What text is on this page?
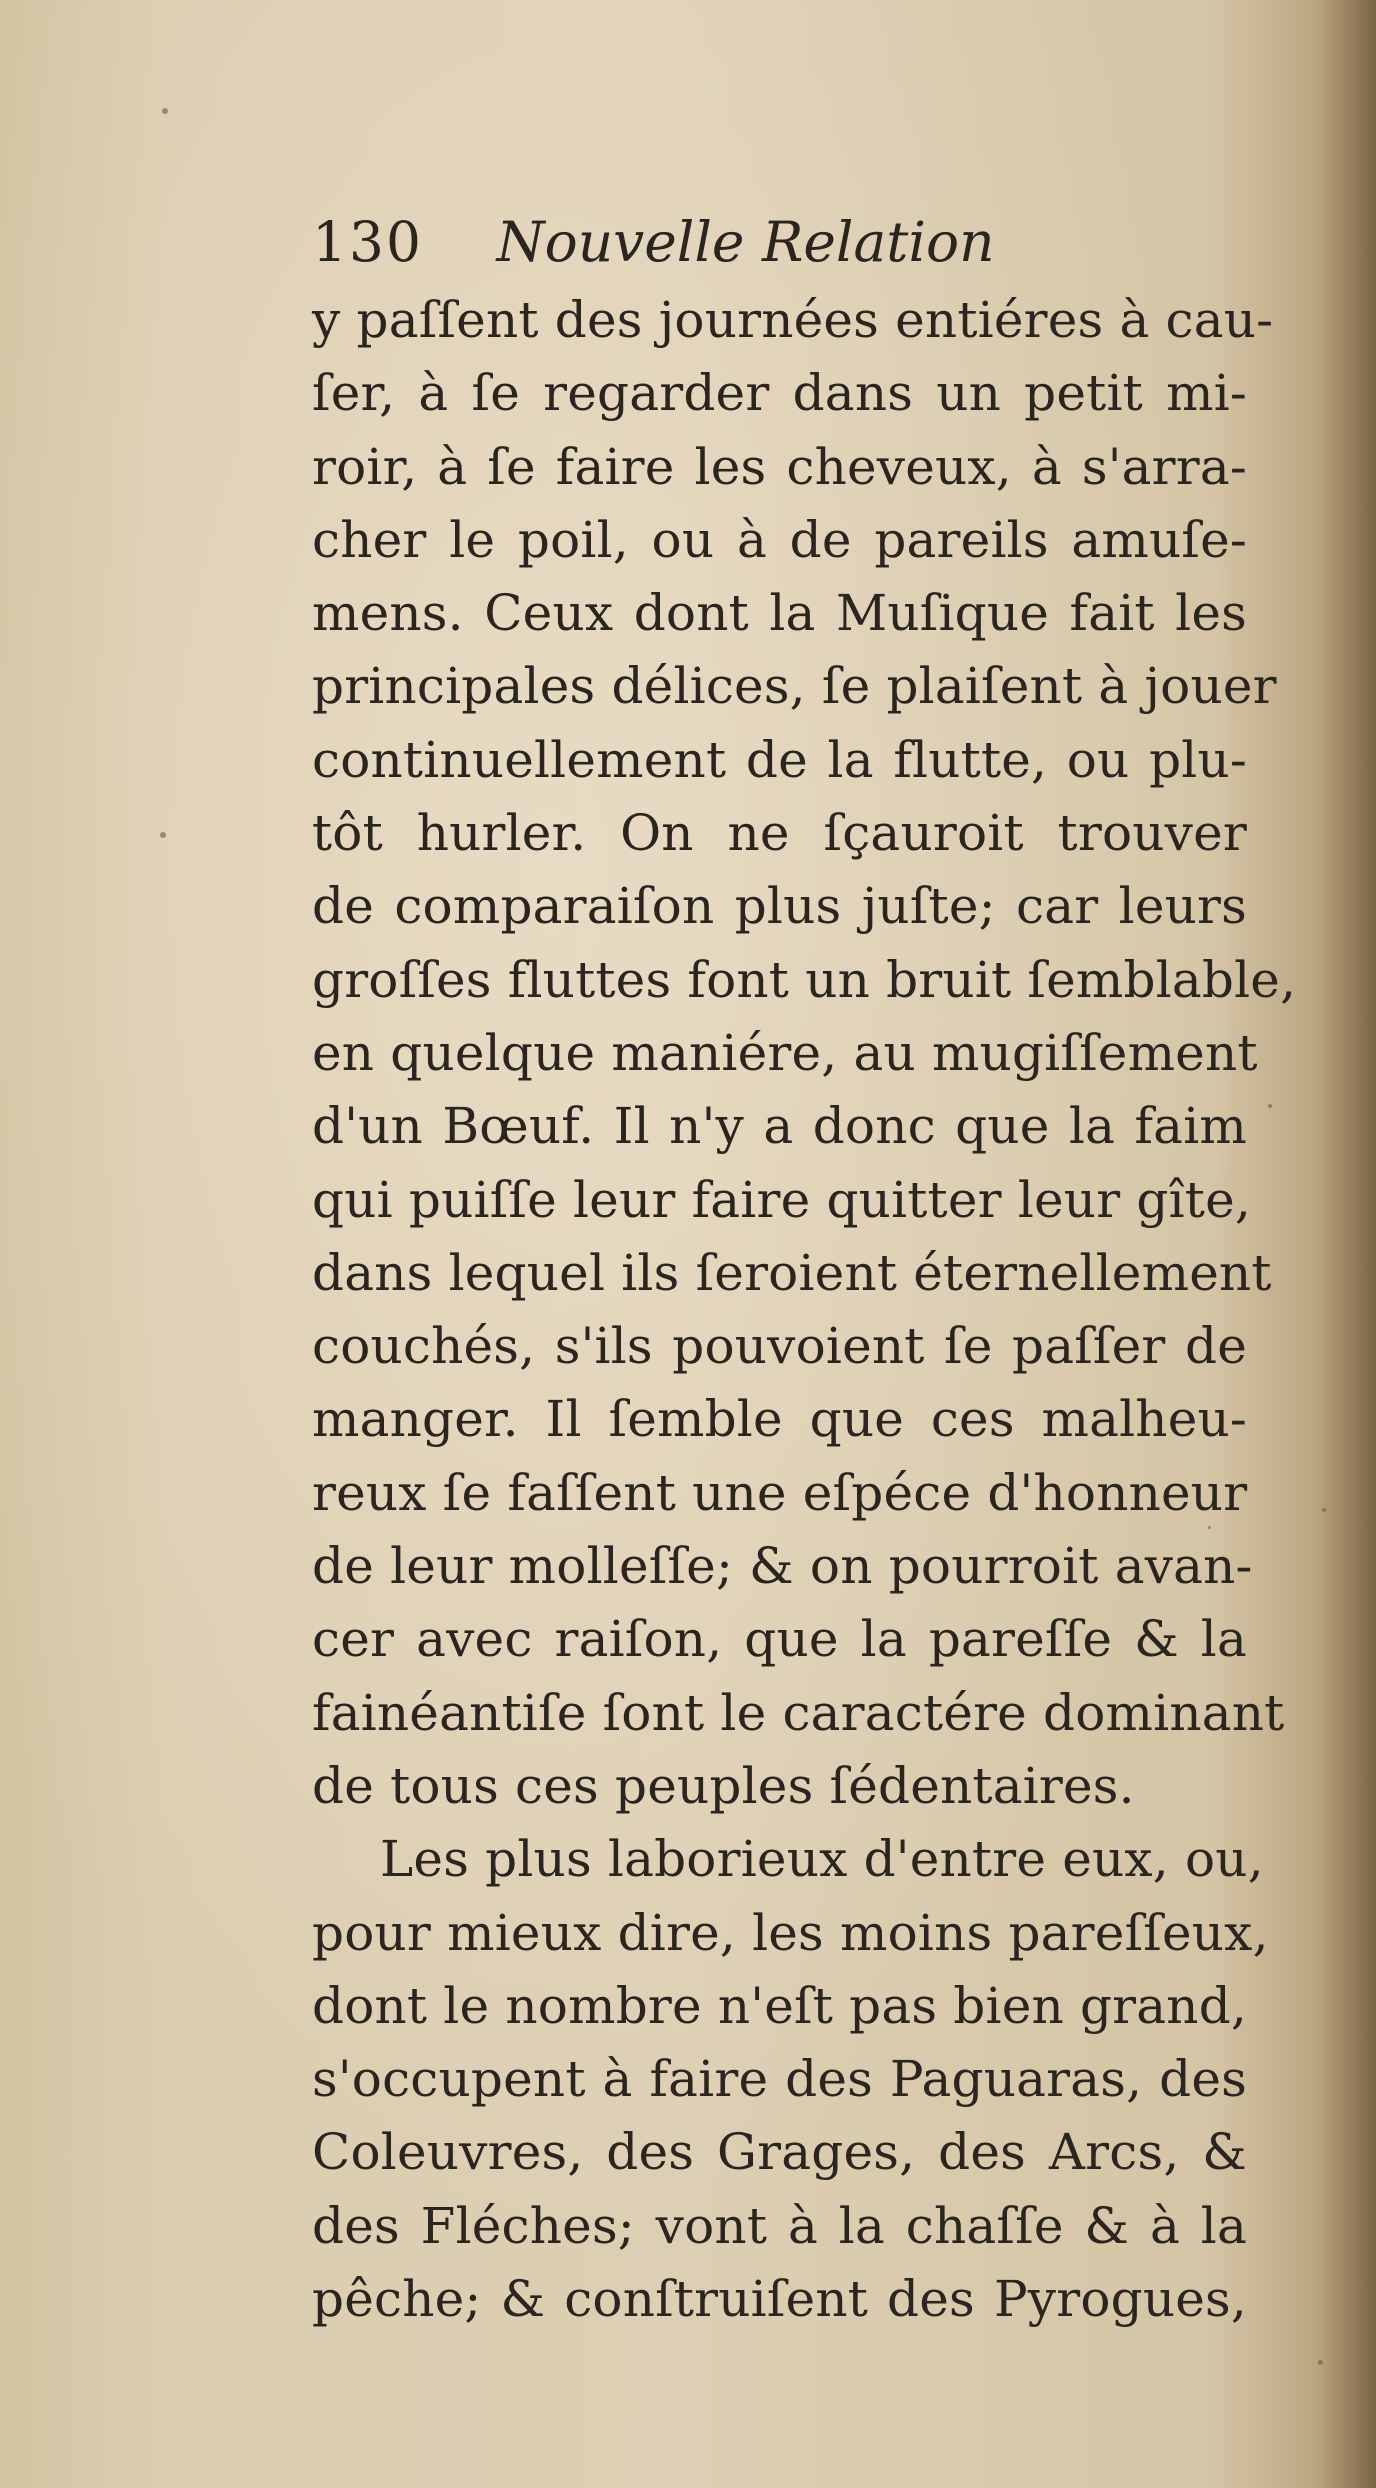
130 Nouvelle Relation
y paſſent des journées entiéres à cau-
ſer, à ſe regarder dans un petit mi-
roir, à ſe faire les cheveux, à s'arra-
cher le poil, ou à de pareils amuſe-
mens. Ceux dont la Muſique fait les
principales délices, ſe plaiſent à jouer
continuellement de la flutte, ou plu-
tôt hurler. On ne ſçauroit trouver
de comparaiſon plus juſte; car leurs
groſſes fluttes font un bruit ſemblable,
en quelque maniére, au mugiſſement
d'un Bœuf. Il n'y a donc que la faim
qui puiſſe leur faire quitter leur gîte,
dans lequel ils ſeroient éternellement
couchés, s'ils pouvoient ſe paſſer de
manger. Il ſemble que ces malheu-
reux ſe faſſent une eſpéce d'honneur
de leur molleſſe; & on pourroit avan-
cer avec raiſon, que la pareſſe & la
fainéantiſe ſont le caractére dominant
de tous ces peuples ſédentaires.
Les plus laborieux d'entre eux, ou,
pour mieux dire, les moins pareſſeux,
dont le nombre n'eſt pas bien grand,
s'occupent à faire des Paguaras, des
Coleuvres, des Grages, des Arcs, &
des Fléches; vont à la chaſſe & à la
pêche; & conſtruiſent des Pyrogues,
